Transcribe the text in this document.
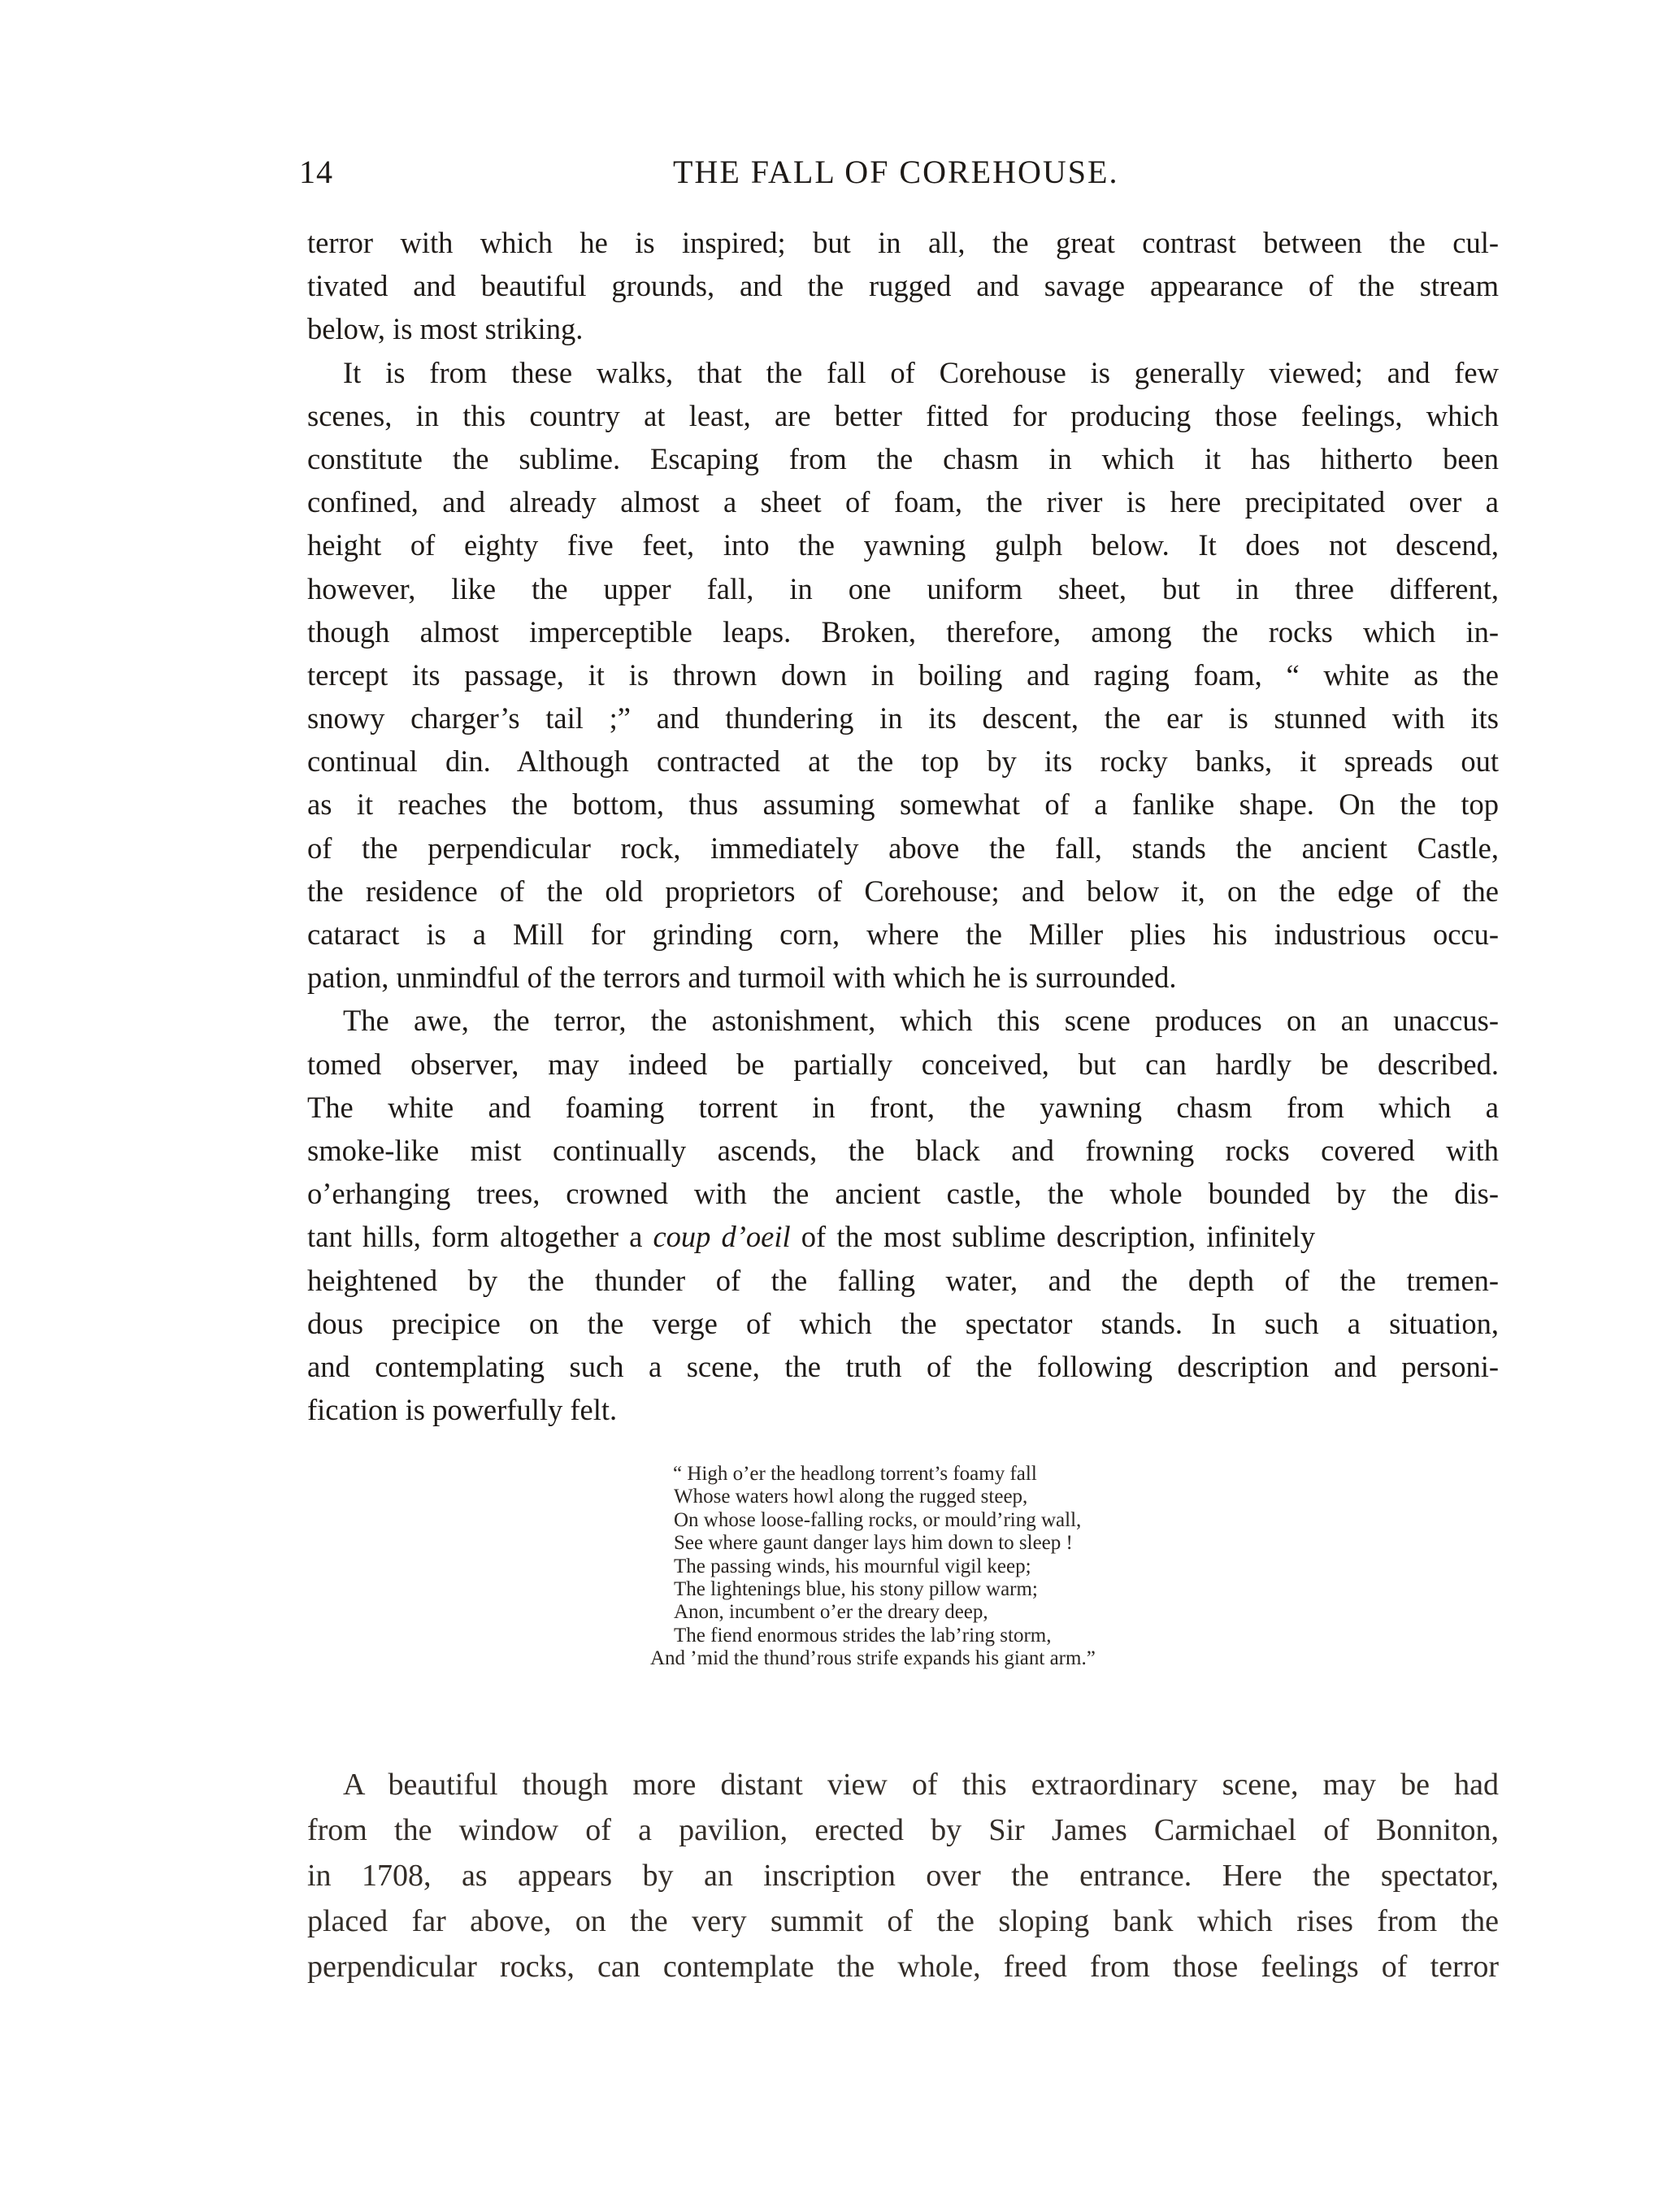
14	THE FALL OF COREHOUSE.
terror with which he is inspired; but in all, the great contrast between the cul-
tivated and beautiful grounds, and the rugged and savage appearance of the stream
below, is most striking.
It is from these walks, that the fall of Corehouse is generally viewed; and few
scenes, in this country at least, are better fitted for producing those feelings, which
constitute the sublime. Escaping from the chasm in which it has hitherto been
confined, and already almost a sheet of foam, the river is here precipitated over a
height of eighty five feet, into the yawning gulph below. It does not descend,
however, like the upper fall, in one uniform sheet, but in three different,
though almost imperceptible leaps. Broken, therefore, among the rocks which in-
tercept its passage, it is thrown down in boiling and raging foam, “ white as the
snowy charger’s tail ;” and thundering in its descent, the ear is stunned with its
continual din. Although contracted at the top by its rocky banks, it spreads out
as it reaches the bottom, thus assuming somewhat of a fanlike shape. On the top
of the perpendicular rock, immediately above the fall, stands the ancient Castle,
the residence of the old proprietors of Corehouse; and below it, on the edge of the
cataract is a Mill for grinding corn, where the Miller plies his industrious occu-
pation, unmindful of the terrors and turmoil with which he is surrounded.
The awe, the terror, the astonishment, which this scene produces on an unaccus-
tomed observer, may indeed be partially conceived, but can hardly be described.
The white and foaming torrent in front, the yawning chasm from which a
smoke-like mist continually ascends, the black and frowning rocks covered with
o’erhanging trees, crowned with the ancient castle, the whole bounded by the dis-
tant hills, form altogether a coup d’oeil of the most sublime description, infinitely
heightened by the thunder of the falling water, and the depth of the tremen-
dous precipice on the verge of which the spectator stands. In such a situation,
and contemplating such a scene, the truth of the following description and personi-
fication is powerfully felt.
“ High o’er the headlong torrent’s foamy fall
Whose waters howl along the rugged steep,
On whose loose-falling rocks, or mould’ring wall,
See where gaunt danger lays him down to sleep !
The passing winds, his mournful vigil keep;
The lightenings blue, his stony pillow warm;
Anon, incumbent o’er the dreary deep,
The fiend enormous strides the lab’ring storm,
And ’mid the thund’rous strife expands his giant arm.”
A beautiful though more distant view of this extraordinary scene, may be had
from the window of a pavilion, erected by Sir James Carmichael of Bonniton,
in 1708, as appears by an inscription over the entrance. Here the spectator,
placed far above, on the very summit of the sloping bank which rises from the
perpendicular rocks, can contemplate the whole, freed from those feelings of terror
